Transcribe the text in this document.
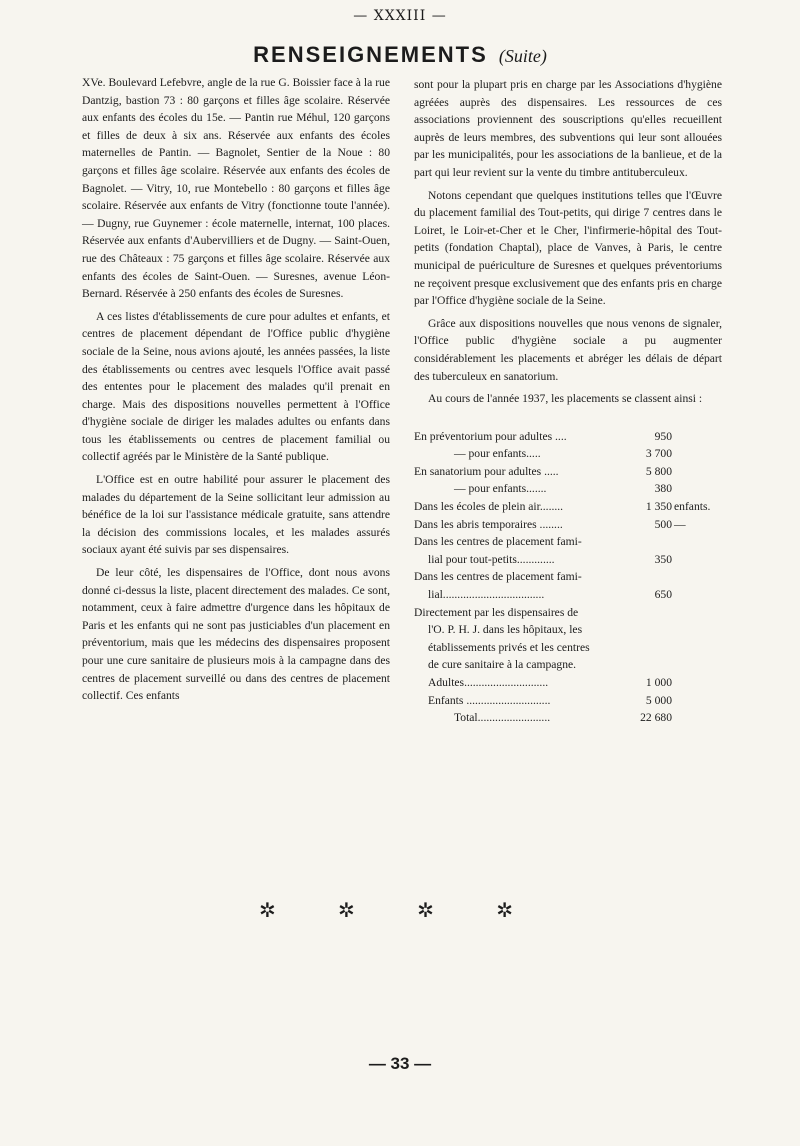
— XXXIII —
RENSEIGNEMENTS (Suite)

XVe. Boulevard Lefebvre, angle de la rue G. Boissier face à la rue Dantzig, bastion 73 : 80 garçons et filles âge scolaire. Réservée aux enfants des écoles du 15e. — Pantin rue Méhul, 120 garçons et filles de deux à six ans. Réservée aux enfants des écoles maternelles de Pantin. — Bagnolet, Sentier de la Noue : 80 garçons et filles âge scolaire. Réservée aux enfants des écoles de Bagnolet. — Vitry, 10, rue Montebello : 80 garçons et filles âge scolaire. Réservée aux enfants de Vitry (fonctionne toute l'année). — Dugny, rue Guynemer : école maternelle, internat, 100 places. Réservée aux enfants d'Aubervilliers et de Dugny. — Saint-Ouen, rue des Châteaux : 75 garçons et filles âge scolaire. Réservée aux enfants des écoles de Saint-Ouen. — Suresnes, avenue Léon-Bernard. Réservée à 250 enfants des écoles de Suresnes.

A ces listes d'établissements de cure pour adultes et enfants, et centres de placement dépendant de l'Office public d'hygiène sociale de la Seine, nous avions ajouté, les années passées, la liste des établissements ou centres avec lesquels l'Office avait passé des ententes pour le placement des malades qu'il prenait en charge. Mais des dispositions nouvelles permettent à l'Office d'hygiène sociale de diriger les malades adultes ou enfants dans tous les établissements ou centres de placement familial ou collectif agréés par le Ministère de la Santé publique.

L'Office est en outre habilité pour assurer le placement des malades du département de la Seine sollicitant leur admission au bénéfice de la loi sur l'assistance médicale gratuite, sans attendre la décision des commissions locales, et les malades assurés sociaux ayant été suivis par ses dispensaires.

De leur côté, les dispensaires de l'Office, dont nous avons donné ci-dessus la liste, placent directement des malades. Ce sont, notamment, ceux à faire admettre d'urgence dans les hôpitaux de Paris et les enfants qui ne sont pas justiciables d'un placement en préventorium, mais que les médecins des dispensaires proposent pour une cure sanitaire de plusieurs mois à la campagne dans des centres de placement surveillé ou dans des centres de placement collectif. Ces enfants

sont pour la plupart pris en charge par les Associations d'hygiène agréées auprès des dispensaires. Les ressources de ces associations proviennent des souscriptions qu'elles recueillent auprès de leurs membres, des subventions qui leur sont allouées par les municipalités, pour les associations de la banlieue, et de la part qui leur revient sur la vente du timbre antituberculeux.

Notons cependant que quelques institutions telles que l'Œuvre du placement familial des Tout-petits, qui dirige 7 centres dans le Loiret, le Loir-et-Cher et le Cher, l'infirmerie-hôpital des Tout-petits (fondation Chaptal), place de Vanves, à Paris, le centre municipal de puériculture de Suresnes et quelques préventoriums ne reçoivent presque exclusivement que des enfants pris en charge par l'Office d'hygiène sociale de la Seine.

Grâce aux dispositions nouvelles que nous venons de signaler, l'Office public d'hygiène sociale a pu augmenter considérablement les placements et abréger les délais de départ des tuberculeux en sanatorium.

Au cours de l'année 1937, les placements se classent ainsi :

En préventorium pour adultes ....	950
— pour enfants.....	3 700
En sanatorium pour adultes .....	5 800
— pour enfants.......	380
Dans les écoles de plein air........	1 350 enfants.
Dans les abris temporaires ........	500 —
Dans les centres de placement fami-
lial pour tout-petits.............	350
Dans les centres de placement fami-
lial...................................	650
Directement par les dispensaires de
l'O. P. H. J. dans les hôpitaux, les
établissements privés et les centres
de cure sanitaire à la campagne.
Adultes.............................	1 000
Enfants .............................	5 000
Total.........................	22 680
✲ ✲ ✲ ✲
— 33 —
